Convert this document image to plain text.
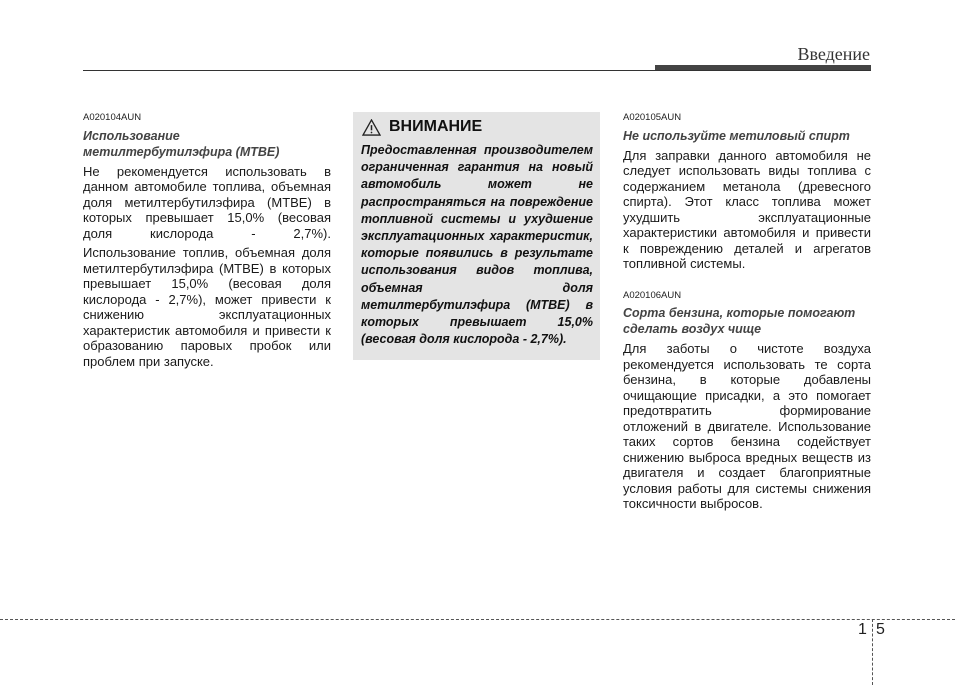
Введение
A020104AUN
Использование метилтербутилэфира (MTBE)
Не рекомендуется использовать в данном автомобиле топлива, объемная доля метилтербутилэфира (MTBE) в которых превышает 15,0% (весовая доля кислорода - 2,7%).
Использование топлив, объемная доля метилтербутилэфира (MTBE) в которых превышает 15,0% (весовая доля кислорода - 2,7%), может привести к снижению эксплуатационных характеристик автомобиля и привести к образованию паровых пробок или проблем при запуске.
ВНИМАНИЕ
Предоставленная производителем ограниченная гарантия на новый автомобиль может не распространяться на повреждение топливной системы и ухудшение эксплуатационных характеристик, которые появились в результате использования видов топлива, объемная доля метилтербутилэфира (MTBE) в которых превышает 15,0% (весовая доля кислорода - 2,7%).
A020105AUN
Не используйте метиловый спирт
Для заправки данного автомобиля не следует использовать виды топлива с содержанием метанола (древесного спирта). Этот класс топлива может ухудшить эксплуатационные характеристики автомобиля и привести к повреждению деталей и агрегатов топливной системы.
A020106AUN
Сорта бензина, которые помогают сделать воздух чище
Для заботы о чистоте воздуха рекомендуется использовать те сорта бензина, в которые добавлены очищающие присадки, а это помогает предотвратить формирование отложений в двигателе. Использование таких сортов бензина содействует снижению выброса вредных веществ из двигателя и создает благоприятные условия работы для системы снижения токсичности выбросов.
1 5
